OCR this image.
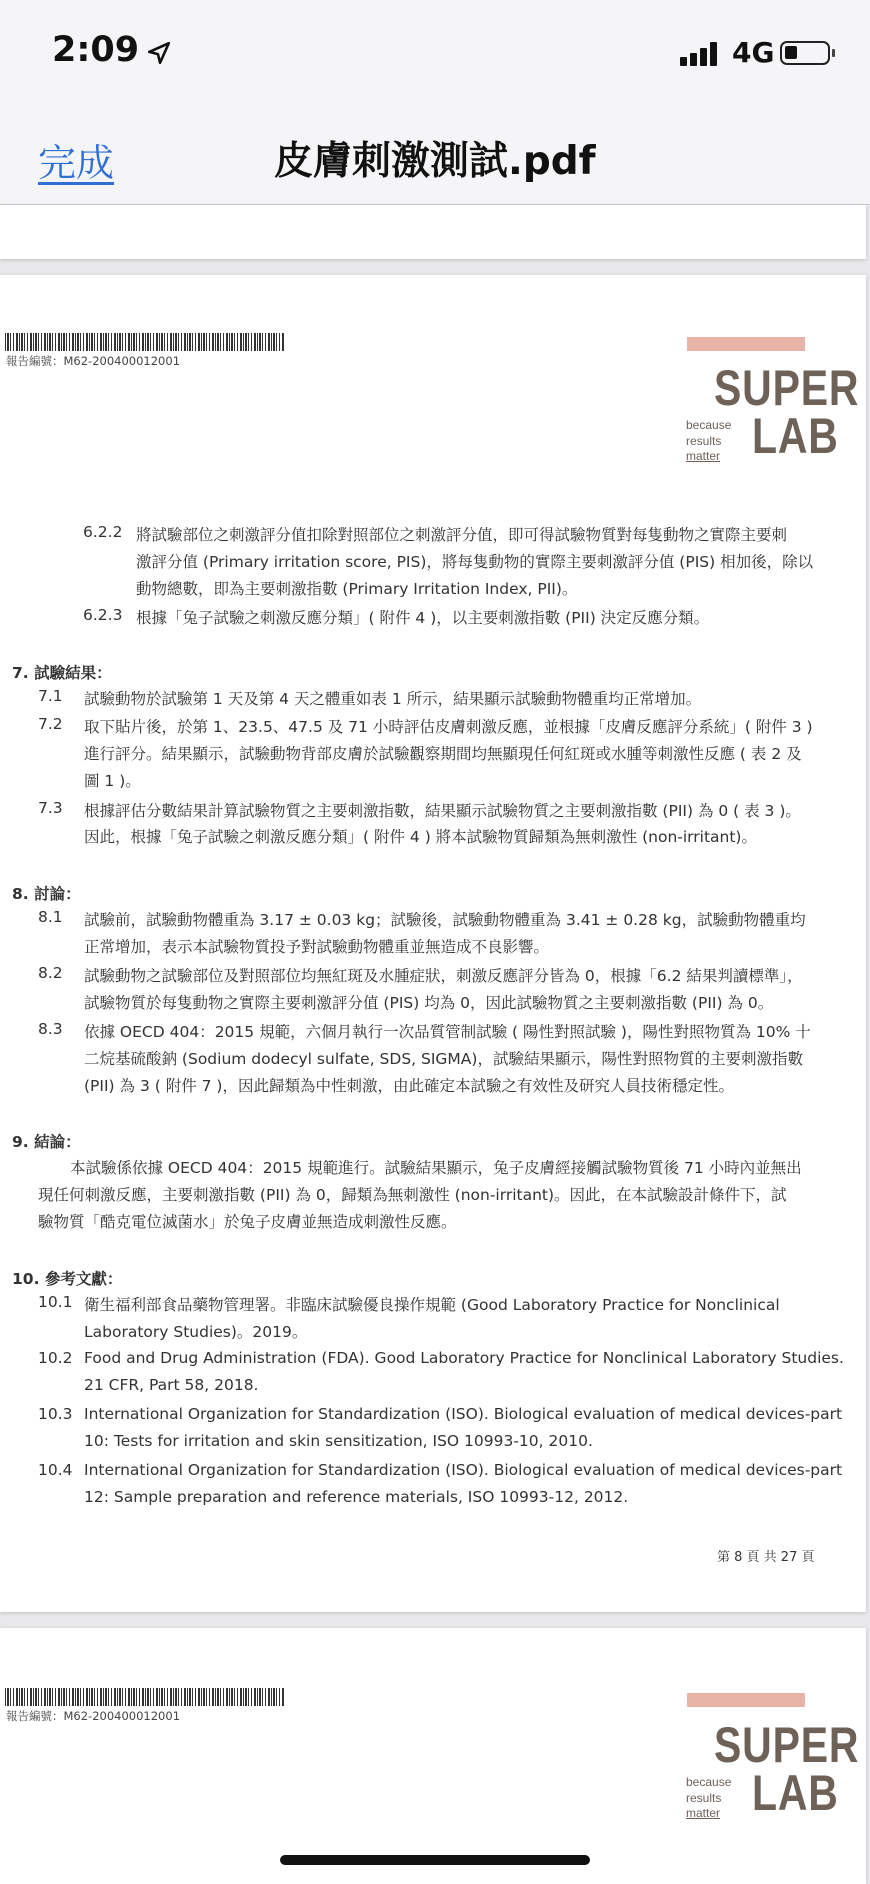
2:09	4G
完成	皮膚刺激測試.pdf
報告編號：M62-200400012001	SUPER
LAB
because
results
matter
6.2.2 將試驗部位之刺激評分值扣除對照部位之刺激評分值，即可得試驗物質對每隻動物之實際主要刺
激評分值 (Primary irritation score, PIS)，將每隻動物的實際主要刺激評分值 (PIS) 相加後，除以
動物總數，即為主要刺激指數 (Primary Irritation Index, PII)。
6.2.3 根據「兔子試驗之刺激反應分類」( 附件 4 )，以主要刺激指數 (PII) 決定反應分類。
7. 試驗結果：
7.1 試驗動物於試驗第 1 天及第 4 天之體重如表 1 所示，結果顯示試驗動物體重均正常增加。
7.2 取下貼片後，於第 1、23.5、47.5 及 71 小時評估皮膚刺激反應，並根據「皮膚反應評分系統」( 附件 3 )
進行評分。結果顯示，試驗動物背部皮膚於試驗觀察期間均無顯現任何紅斑或水腫等刺激性反應 ( 表 2 及
圖 1 )。
7.3 根據評估分數結果計算試驗物質之主要刺激指數，結果顯示試驗物質之主要刺激指數 (PII) 為 0 ( 表 3 )。
因此，根據「兔子試驗之刺激反應分類」( 附件 4 ) 將本試驗物質歸類為無刺激性 (non-irritant)。
8. 討論：
8.1 試驗前，試驗動物體重為 3.17 ± 0.03 kg；試驗後，試驗動物體重為 3.41 ± 0.28 kg，試驗動物體重均
正常增加，表示本試驗物質投予對試驗動物體重並無造成不良影響。
8.2 試驗動物之試驗部位及對照部位均無紅斑及水腫症狀，刺激反應評分皆為 0，根據「6.2 結果判讀標準」，
試驗物質於每隻動物之實際主要刺激評分值 (PIS) 均為 0，因此試驗物質之主要刺激指數 (PII) 為 0。
8.3 依據 OECD 404：2015 規範，六個月執行一次品質管制試驗 ( 陽性對照試驗 )，陽性對照物質為 10% 十
二烷基硫酸鈉 (Sodium dodecyl sulfate, SDS, SIGMA)，試驗結果顯示，陽性對照物質的主要刺激指數
(PII) 為 3 ( 附件 7 )，因此歸類為中性刺激，由此確定本試驗之有效性及研究人員技術穩定性。
9. 結論：
本試驗係依據 OECD 404：2015 規範進行。試驗結果顯示，兔子皮膚經接觸試驗物質後 71 小時內並無出
現任何刺激反應，主要刺激指數 (PII) 為 0，歸類為無刺激性 (non-irritant)。因此，在本試驗設計條件下，試
驗物質「酷克電位滅菌水」於兔子皮膚並無造成刺激性反應。
10. 參考文獻：
10.1 衛生福利部食品藥物管理署。非臨床試驗優良操作規範 (Good Laboratory Practice for Nonclinical
Laboratory Studies)。2019。
10.2 Food and Drug Administration (FDA). Good Laboratory Practice for Nonclinical Laboratory Studies.
21 CFR, Part 58, 2018.
10.3 International Organization for Standardization (ISO). Biological evaluation of medical devices-part
10: Tests for irritation and skin sensitization, ISO 10993-10, 2010.
10.4 International Organization for Standardization (ISO). Biological evaluation of medical devices-part
12: Sample preparation and reference materials, ISO 10993-12, 2012.
第 8 頁 共 27 頁
報告編號：M62-200400012001
SUPER
LAB
because
results
matter
